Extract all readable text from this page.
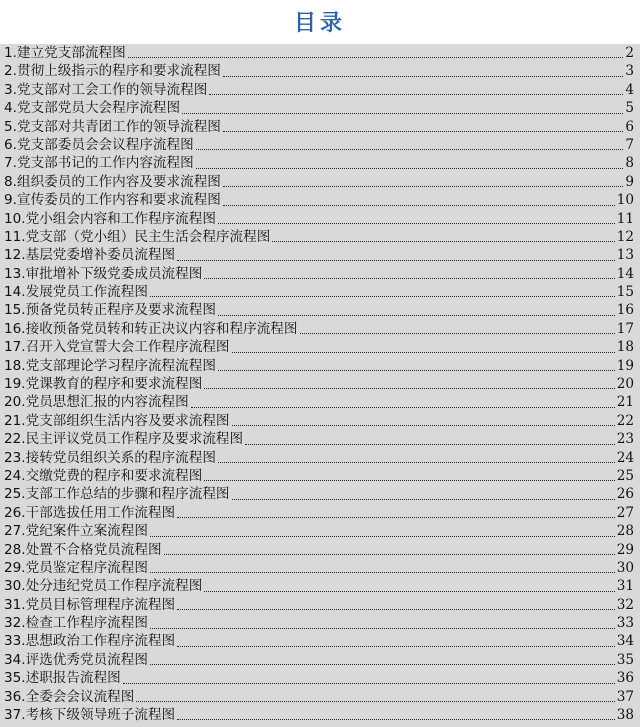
目录
1.建立党支部流程图	2
2.贯彻上级指示的程序和要求流程图	3
3.党支部对工会工作的领导流程图	4
4.党支部党员大会程序流程图	5
5.党支部对共青团工作的领导流程图	6
6.党支部委员会会议程序流程图	7
7.党支部书记的工作内容流程图	8
8.组织委员的工作内容及要求流程图	9
9.宣传委员的工作内容和要求流程图	10
10.党小组会内容和工作程序流程图	11
11.党支部（党小组）民主生活会程序流程图	12
12.基层党委增补委员流程图	13
13.审批增补下级党委成员流程图	14
14.发展党员工作流程图	15
15.预备党员转正程序及要求流程图	16
16.接收预备党员转和转正决议内容和程序流程图	17
17.召开入党宣誓大会工作程序流程图	18
18.党支部理论学习程序流程流程图	19
19.党课教育的程序和要求流程图	20
20.党员思想汇报的内容流程图	21
21.党支部组织生活内容及要求流程图	22
22.民主评议党员工作程序及要求流程图	23
23.接转党员组织关系的程序流程图	24
24.交缴党费的程序和要求流程图	25
25.支部工作总结的步骤和程序流程图	26
26.干部选拔任用工作流程图	27
27.党纪案件立案流程图	28
28.处置不合格党员流程图	29
29.党员鉴定程序流程图	30
30.处分违纪党员工作程序流程图	31
31.党员目标管理程序流程图	32
32.检查工作程序流程图	33
33.思想政治工作程序流程图	34
34.评选优秀党员流程图	35
35.述职报告流程图	36
36.全委会会议流程图	37
37.考核下级领导班子流程图	38
